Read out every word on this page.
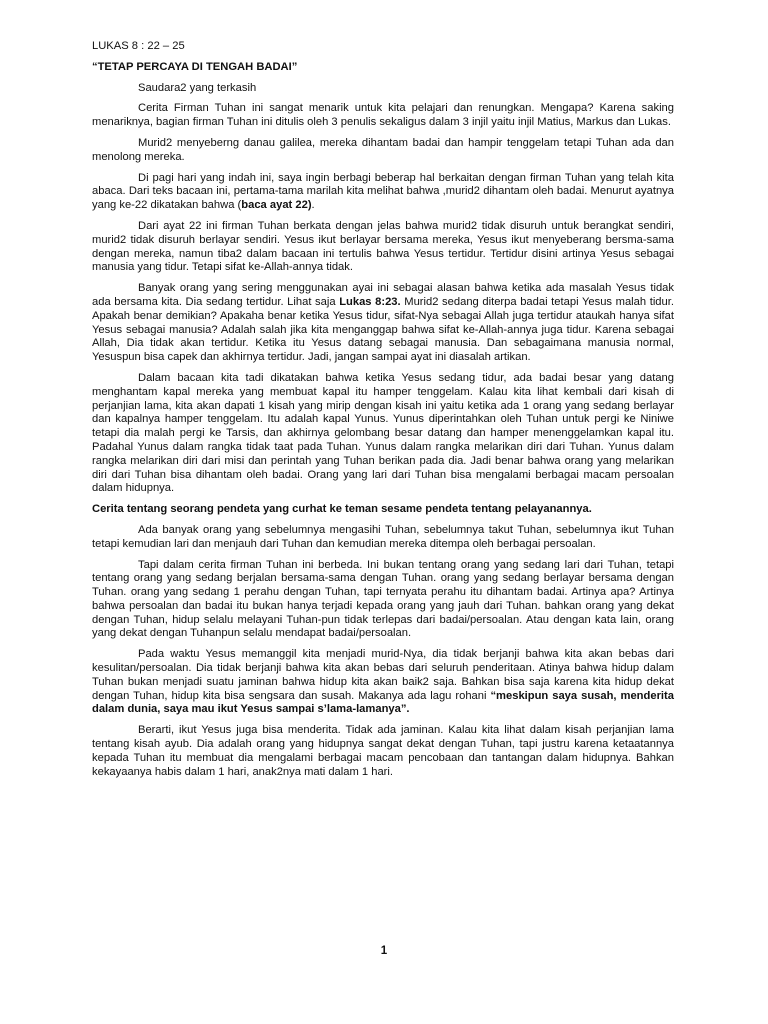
LUKAS 8 : 22 – 25

“TETAP PERCAYA DI TENGAH BADAI”

Saudara2 yang terkasih

Cerita Firman Tuhan ini sangat menarik untuk kita pelajari dan renungkan. Mengapa? Karena saking menariknya, bagian firman Tuhan ini ditulis oleh 3 penulis sekaligus dalam 3 injil yaitu injil Matius, Markus dan Lukas.

Murid2 menyeberng danau galilea, mereka dihantam badai dan hampir tenggelam tetapi Tuhan ada dan menolong mereka.

Di pagi hari yang indah ini, saya ingin berbagi beberap hal berkaitan dengan firman Tuhan yang telah kita abaca. Dari teks bacaan ini, pertama-tama marilah kita melihat bahwa ,murid2 dihantam oleh badai. Menurut ayatnya yang ke-22 dikatakan bahwa (baca ayat 22).

Dari ayat 22 ini firman Tuhan berkata dengan jelas bahwa murid2 tidak disuruh untuk berangkat sendiri, murid2 tidak disuruh berlayar sendiri. Yesus ikut berlayar bersama mereka, Yesus ikut menyeberang bersma-sama dengan mereka, namun tiba2 dalam bacaan ini tertulis bahwa Yesus tertidur. Tertidur disini artinya Yesus sebagai manusia yang tidur. Tetapi sifat ke-Allah-annya tidak.

Banyak orang yang sering menggunakan ayai ini sebagai alasan bahwa ketika ada masalah Yesus tidak ada bersama kita. Dia sedang tertidur. Lihat saja Lukas 8:23. Murid2 sedang diterpa badai tetapi Yesus malah tidur. Apakah benar demikian? Apakaha benar ketika Yesus tidur, sifat-Nya sebagai Allah juga tertidur ataukah hanya sifat Yesus sebagai manusia? Adalah salah jika kita menganggap bahwa sifat ke-Allah-annya juga tidur. Karena sebagai Allah, Dia tidak akan tertidur. Ketika itu Yesus datang sebagai manusia. Dan sebagaimana manusia normal, Yesuspun bisa capek dan akhirnya tertidur. Jadi, jangan sampai ayat ini diasalah artikan.

Dalam bacaan kita tadi dikatakan bahwa ketika Yesus sedang tidur, ada badai besar yang datang menghantam kapal mereka yang membuat kapal itu hamper tenggelam. Kalau kita lihat kembali dari kisah di perjanjian lama, kita akan dapati 1 kisah yang mirip dengan kisah ini yaitu ketika ada 1 orang yang sedang berlayar dan kapalnya hamper tenggelam. Itu adalah kapal Yunus. Yunus diperintahkan oleh Tuhan untuk pergi ke Niniwe tetapi dia malah pergi ke Tarsis, dan akhirnya gelombang besar datang dan hamper menenggelamkan kapal itu. Padahal Yunus dalam rangka tidak taat pada Tuhan. Yunus dalam rangka melarikan diri dari Tuhan. Yunus dalam rangka melarikan diri dari misi dan perintah yang Tuhan berikan pada dia. Jadi benar bahwa orang yang melarikan diri dari Tuhan bisa dihantam oleh badai. Orang yang lari dari Tuhan bisa mengalami berbagai macam persoalan dalam hidupnya.

Cerita tentang seorang pendeta yang curhat ke teman sesame pendeta tentang pelayanannya.

Ada banyak orang yang sebelumnya mengasihi Tuhan, sebelumnya takut Tuhan, sebelumnya ikut Tuhan tetapi kemudian lari dan menjauh dari Tuhan dan kemudian mereka ditempa oleh berbagai persoalan.

Tapi dalam cerita firman Tuhan ini berbeda. Ini bukan tentang orang yang sedang lari dari Tuhan, tetapi tentang orang yang sedang berjalan bersama-sama dengan Tuhan. orang yang sedang berlayar bersama dengan Tuhan. orang yang sedang 1 perahu dengan Tuhan, tapi ternyata perahu itu dihantam badai. Artinya apa? Artinya bahwa persoalan dan badai itu bukan hanya terjadi kepada orang yang jauh dari Tuhan. bahkan orang yang dekat dengan Tuhan, hidup selalu melayani Tuhan-pun tidak terlepas dari badai/persoalan. Atau dengan kata lain, orang yang dekat dengan Tuhanpun selalu mendapat badai/persoalan.

Pada waktu Yesus memanggil kita menjadi murid-Nya, dia tidak berjanji bahwa kita akan bebas dari kesulitan/persoalan. Dia tidak berjanji bahwa kita akan bebas dari seluruh penderitaan. Atinya bahwa hidup dalam Tuhan bukan menjadi suatu jaminan bahwa hidup kita akan baik2 saja. Bahkan bisa saja karena kita hidup dekat dengan Tuhan, hidup kita bisa sengsara dan susah. Makanya ada lagu rohani “meskipun saya susah, menderita dalam dunia, saya mau ikut Yesus sampai s’lama-lamanya”.

Berarti, ikut Yesus juga bisa menderita. Tidak ada jaminan. Kalau kita lihat dalam kisah perjanjian lama tentang kisah ayub. Dia adalah orang yang hidupnya sangat dekat dengan Tuhan, tapi justru karena ketaatannya kepada Tuhan itu membuat dia mengalami berbagai macam pencobaan dan tantangan dalam hidupnya. Bahkan kekayaanya habis dalam 1 hari, anak2nya mati dalam 1 hari.

1
